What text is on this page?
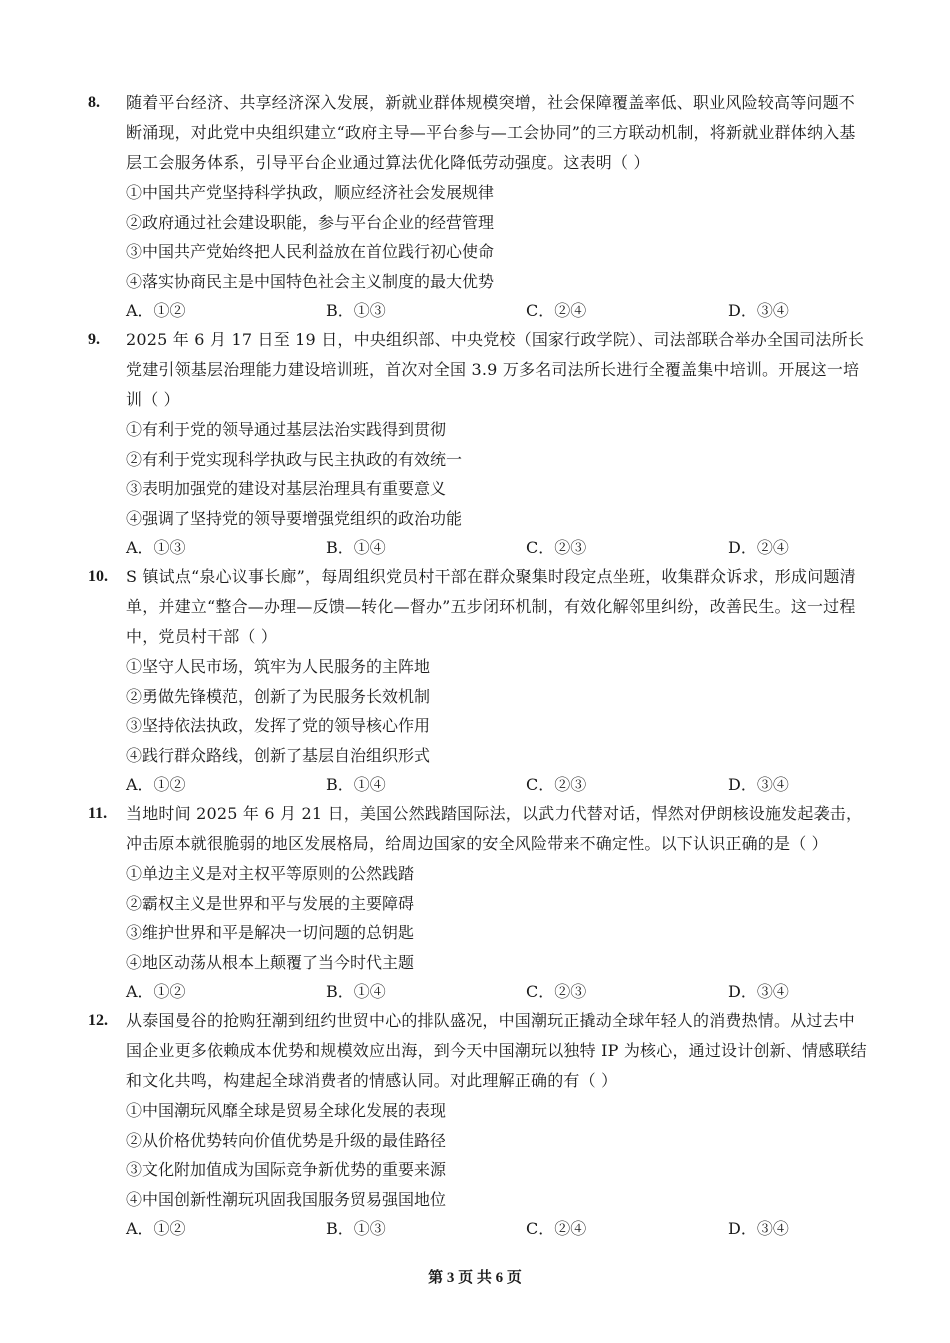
8. 随着平台经济、共享经济深入发展，新就业群体规模突增，社会保障覆盖率低、职业风险较高等问题不断涌现，对此党中央组织建立“政府主导—平台参与—工会协同”的三方联动机制，将新就业群体纳入基层工会服务体系，引导平台企业通过算法优化降低劳动强度。这表明（ ）
①中国共产党坚持科学执政，顺应经济社会发展规律
②政府通过社会建设职能，参与平台企业的经营管理
③中国共产党始终把人民利益放在首位践行初心使命
④落实协商民主是中国特色社会主义制度的最大优势
A．①②	B．①③	C．②④	D．③④
9. 2025 年 6 月 17 日至 19 日，中央组织部、中央党校（国家行政学院）、司法部联合举办全国司法所长党建引领基层治理能力建设培训班，首次对全国 3.9 万多名司法所长进行全覆盖集中培训。开展这一培训（ ）
①有利于党的领导通过基层法治实践得到贯彻
②有利于党实现科学执政与民主执政的有效统一
③表明加强党的建设对基层治理具有重要意义
④强调了坚持党的领导要增强党组织的政治功能
A．①③	B．①④	C．②③	D．②④
10. S 镇试点“泉心议事长廊”，每周组织党员村干部在群众聚集时段定点坐班，收集群众诉求，形成问题清单，并建立“整合—办理—反馈—转化—督办”五步闭环机制，有效化解邻里纠纷，改善民生。这一过程中，党员村干部（ ）
①坚守人民市场，筑牢为人民服务的主阵地
②勇做先锋模范，创新了为民服务长效机制
③坚持依法执政，发挥了党的领导核心作用
④践行群众路线，创新了基层自治组织形式
A．①②	B．①④	C．②③	D．③④
11. 当地时间 2025 年 6 月 21 日，美国公然践踏国际法，以武力代替对话，悍然对伊朗核设施发起袭击，冲击原本就很脆弱的地区发展格局，给周边国家的安全风险带来不确定性。以下认识正确的是（ ）
①单边主义是对主权平等原则的公然践踏
②霸权主义是世界和平与发展的主要障碍
③维护世界和平是解决一切问题的总钥匙
④地区动荡从根本上颠覆了当今时代主题
A．①②	B．①④	C．②③	D．③④
12. 从泰国曼谷的抢购狂潮到纽约世贸中心的排队盛况，中国潮玩正撬动全球年轻人的消费热情。从过去中国企业更多依赖成本优势和规模效应出海，到今天中国潮玩以独特 IP 为核心，通过设计创新、情感联结和文化共鸣，构建起全球消费者的情感认同。对此理解正确的有（ ）
①中国潮玩风靡全球是贸易全球化发展的表现
②从价格优势转向价值优势是升级的最佳路径
③文化附加值成为国际竞争新优势的重要来源
④中国创新性潮玩巩固我国服务贸易强国地位
A．①②	B．①③	C．②④	D．③④
第 3 页 共 6 页
